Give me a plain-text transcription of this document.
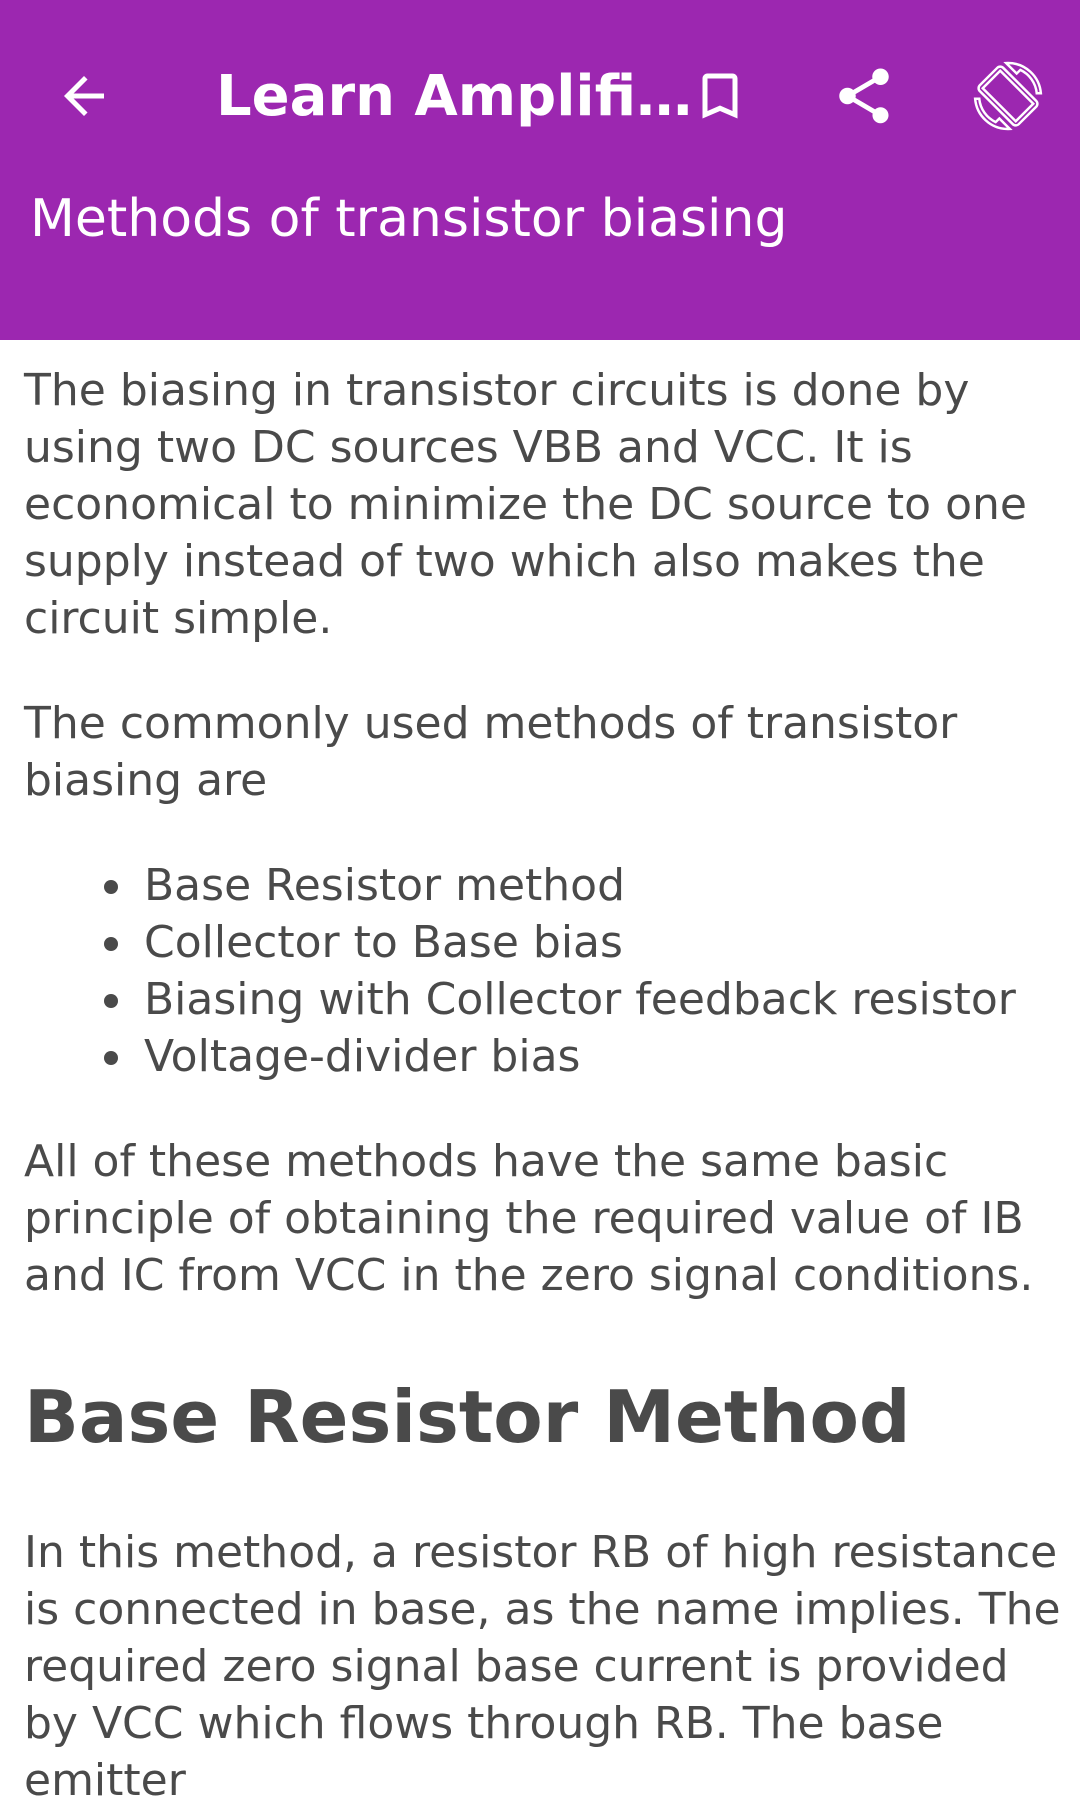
Learn Amplifi…
Methods of transistor biasing

The biasing in transistor circuits is done by using two DC sources VBB and VCC. It is economical to minimize the DC source to one supply instead of two which also makes the circuit simple.

The commonly used methods of transistor biasing are

Base Resistor method
Collector to Base bias
Biasing with Collector feedback resistor
Voltage-divider bias

All of these methods have the same basic principle of obtaining the required value of IB and IC from VCC in the zero signal conditions.

Base Resistor Method

In this method, a resistor RB of high resistance is connected in base, as the name implies. The required zero signal base current is provided by VCC which flows through RB. The base emitter
